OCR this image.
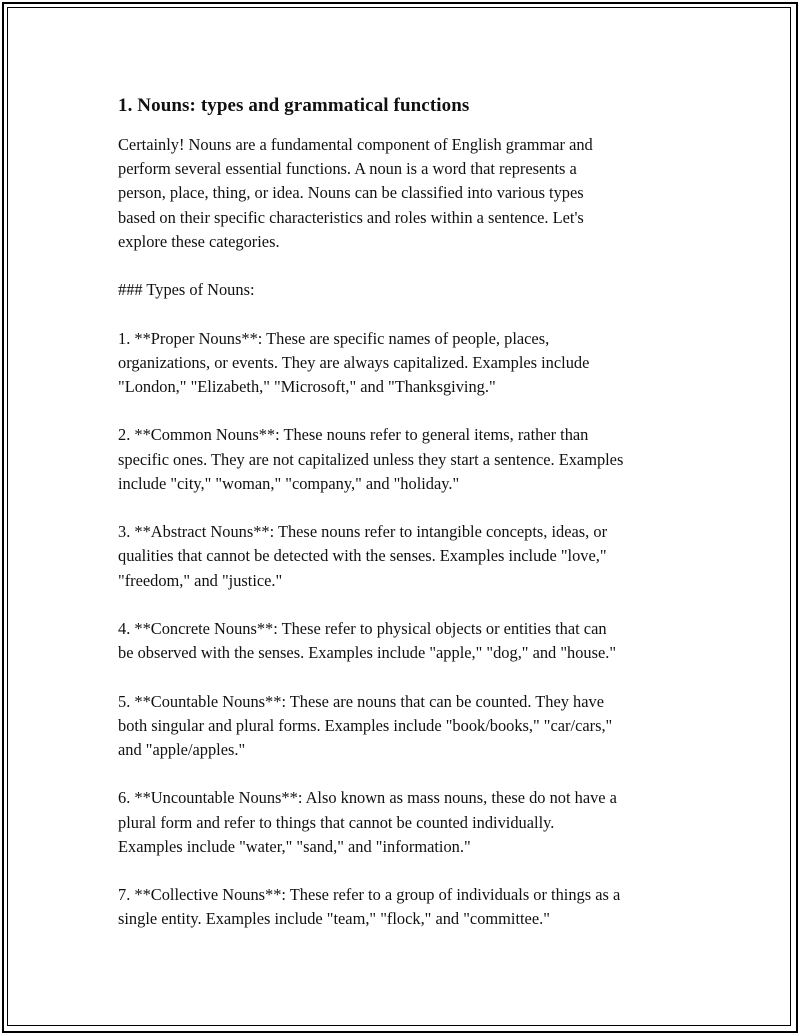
1. Nouns: types and grammatical functions

Certainly! Nouns are a fundamental component of English grammar and
perform several essential functions. A noun is a word that represents a
person, place, thing, or idea. Nouns can be classified into various types
based on their specific characteristics and roles within a sentence. Let's
explore these categories.

### Types of Nouns:

1. **Proper Nouns**: These are specific names of people, places,
organizations, or events. They are always capitalized. Examples include
"London," "Elizabeth," "Microsoft," and "Thanksgiving."

2. **Common Nouns**: These nouns refer to general items, rather than
specific ones. They are not capitalized unless they start a sentence. Examples
include "city," "woman," "company," and "holiday."

3. **Abstract Nouns**: These nouns refer to intangible concepts, ideas, or
qualities that cannot be detected with the senses. Examples include "love,"
"freedom," and "justice."

4. **Concrete Nouns**: These refer to physical objects or entities that can
be observed with the senses. Examples include "apple," "dog," and "house."

5. **Countable Nouns**: These are nouns that can be counted. They have
both singular and plural forms. Examples include "book/books," "car/cars,"
and "apple/apples."

6. **Uncountable Nouns**: Also known as mass nouns, these do not have a
plural form and refer to things that cannot be counted individually.
Examples include "water," "sand," and "information."

7. **Collective Nouns**: These refer to a group of individuals or things as a
single entity. Examples include "team," "flock," and "committee."
